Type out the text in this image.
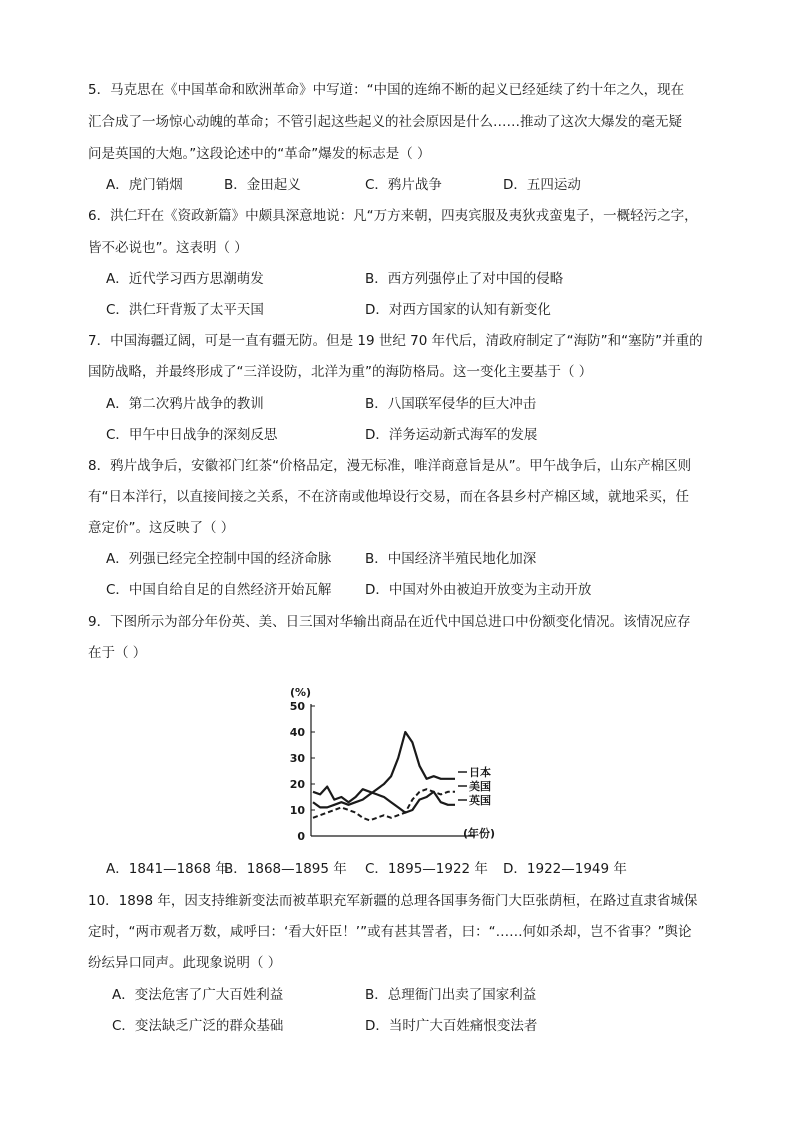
5．马克思在《中国革命和欧洲革命》中写道：“中国的连绵不断的起义已经延续了约十年之久，现在
汇合成了一场惊心动魄的革命；不管引起这些起义的社会原因是什么……推动了这次大爆发的毫无疑
问是英国的大炮。”这段论述中的“革命”爆发的标志是（ ）
A．虎门销烟	B．金田起义	C．鸦片战争	D．五四运动
6．洪仁玕在《资政新篇》中颇具深意地说：凡“万方来朝，四夷宾服及夷狄戎蛮鬼子，一概轻污之字，
皆不必说也”。这表明（ ）
A．近代学习西方思潮萌发	B．西方列强停止了对中国的侵略
C．洪仁玕背叛了太平天国	D．对西方国家的认知有新变化
7．中国海疆辽阔，可是一直有疆无防。但是 19 世纪 70 年代后，清政府制定了“海防”和“塞防”并重的
国防战略，并最终形成了“三洋设防，北洋为重”的海防格局。这一变化主要基于（ ）
A．第二次鸦片战争的教训	B．八国联军侵华的巨大冲击
C．甲午中日战争的深刻反思	D．洋务运动新式海军的发展
8．鸦片战争后，安徽祁门红茶“价格品定，漫无标准，唯洋商意旨是从”。甲午战争后，山东产棉区则
有“日本洋行，以直接间接之关系，不在济南或他埠设行交易，而在各县乡村产棉区域，就地采买，任
意定价”。这反映了（ ）
A．列强已经完全控制中国的经济命脉	B．中国经济半殖民地化加深
C．中国自给自足的自然经济开始瓦解 D．中国对外由被迫开放变为主动开放
9．下图所示为部分年份英、美、日三国对华输出商品在近代中国总进口中份额变化情况。该情况应存
在于（ ）
(%)
0
10
20
30
40
50
日本
美国
英国
(年份)
A．1841—1868 年
B．1868—1895 年 C．1895—1922 年 D．1922—1949 年
10．1898 年，因支持维新变法而被革职充军新疆的总理各国事务衙门大臣张荫桓，在路过直隶省城保
定时，“两市观者万数，咸呼曰：‘看大奸臣！’”或有甚其詈者，曰：“……何如杀却，岂不省事？”舆论
纷纭异口同声。此现象说明（ ）
A．变法危害了广大百姓利益	B．总理衙门出卖了国家利益
C．变法缺乏广泛的群众基础	D．当时广大百姓痛恨变法者
